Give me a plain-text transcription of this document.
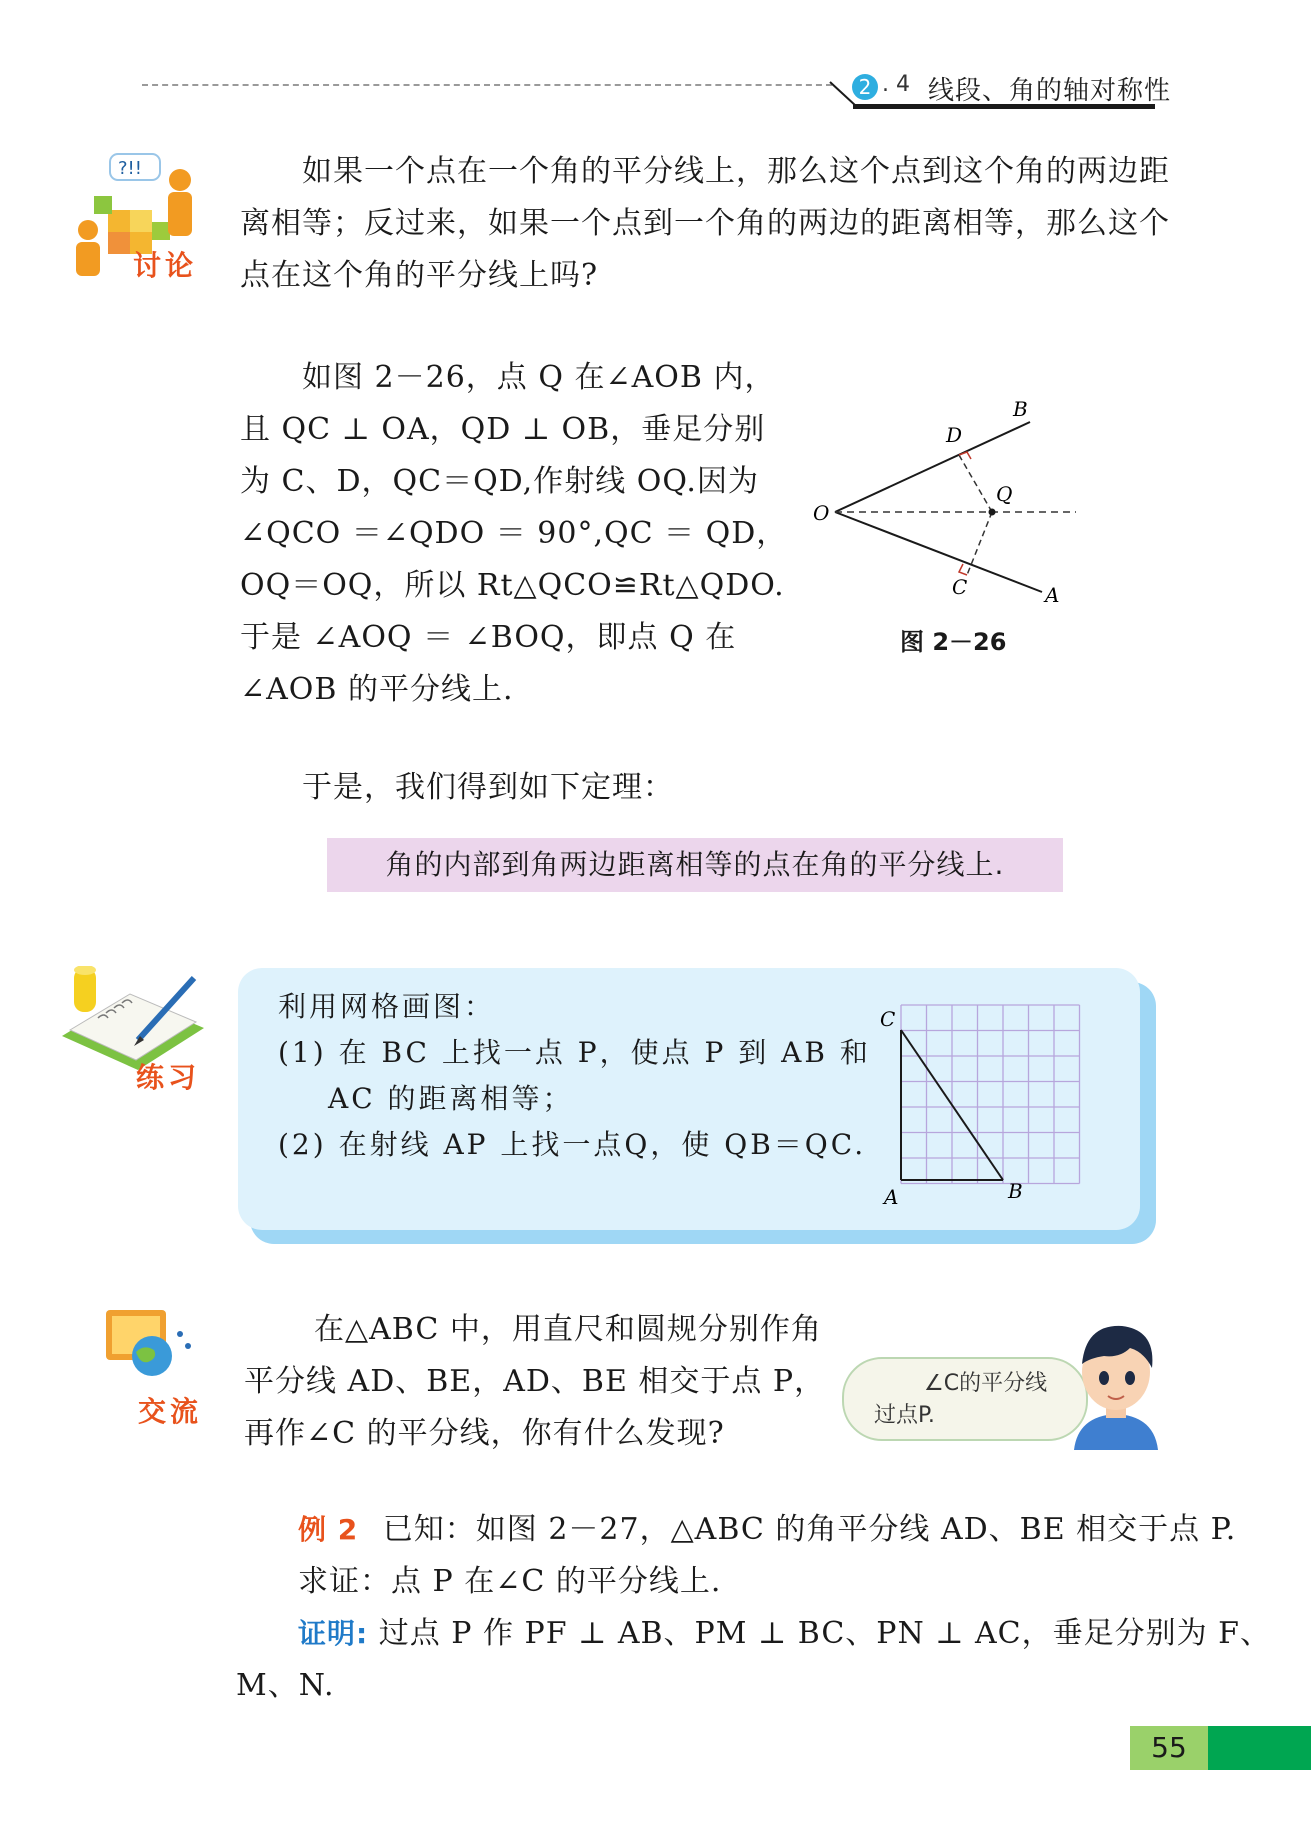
2 . 4 线段、角的轴对称性
?!!
讨论
如果一个点在一个角的平分线上，那么这个点到这个角的两边距
离相等；反过来，如果一个点到一个角的两边的距离相等，那么这个
点在这个角的平分线上吗?
如图 2－26，点 Q 在∠AOB 内，
且 QC ⊥ OA，QD ⊥ OB，垂足分别
为 C、D，QC＝QD,作射线 OQ.因为
∠QCO ＝∠QDO ＝ 90°,QC ＝ QD，
OQ＝OQ，所以 Rt△QCO≌Rt△QDO.
于是 ∠AOQ ＝ ∠BOQ，即点 Q 在
∠AOB 的平分线上.
O
A
B
C
D
Q
图 2－26
于是，我们得到如下定理：
角的内部到角两边距离相等的点在角的平分线上.
练习
利用网格画图：
(1) 在 BC 上找一点 P，使点 P 到 AB 和
AC 的距离相等；
(2) 在射线 AP 上找一点Q，使 QB＝QC.
C
A	B
交流
在△ABC 中，用直尺和圆规分别作角
平分线 AD、BE，AD、BE 相交于点 P，
再作∠C 的平分线，你有什么发现?
∠C的平分线
过点P.
例 2 已知：如图 2－27，△ABC 的角平分线 AD、BE 相交于点 P.
求证：点 P 在∠C 的平分线上.
证明: 过点 P 作 PF ⊥ AB、PM ⊥ BC、PN ⊥ AC，垂足分别为 F、
M、N.
55
